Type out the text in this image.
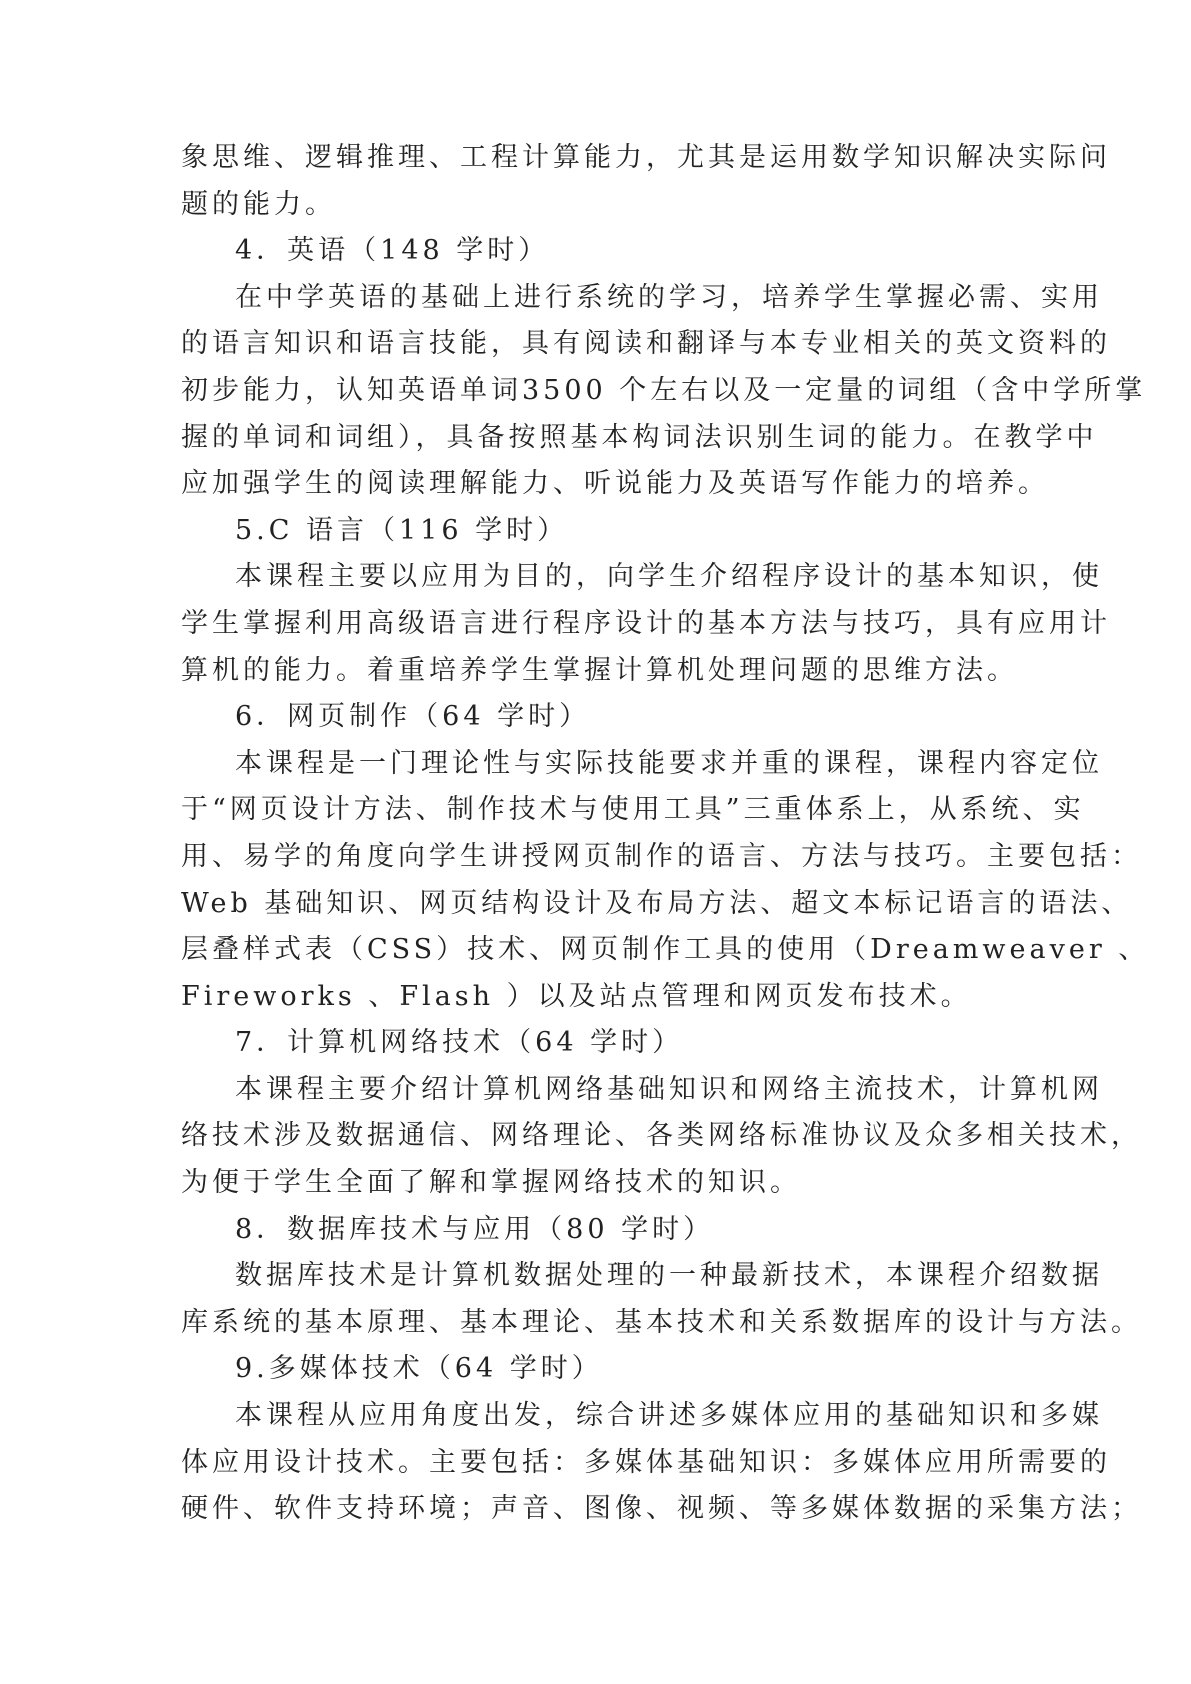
象思维、逻辑推理、工程计算能力，尤其是运用数学知识解决实际问
题的能力。
4．英语（148 学时）
在中学英语的基础上进行系统的学习，培养学生掌握必需、实用
的语言知识和语言技能，具有阅读和翻译与本专业相关的英文资料的
初步能力，认知英语单词3500 个左右以及一定量的词组（含中学所掌
握的单词和词组），具备按照基本构词法识别生词的能力。在教学中
应加强学生的阅读理解能力、听说能力及英语写作能力的培养。
5.C 语言（116 学时）
本课程主要以应用为目的，向学生介绍程序设计的基本知识，使
学生掌握利用高级语言进行程序设计的基本方法与技巧，具有应用计
算机的能力。着重培养学生掌握计算机处理问题的思维方法。
6．网页制作（64 学时）
本课程是一门理论性与实际技能要求并重的课程，课程内容定位
于“网页设计方法、制作技术与使用工具”三重体系上，从系统、实
用、易学的角度向学生讲授网页制作的语言、方法与技巧。主要包括：
Web 基础知识、网页结构设计及布局方法、超文本标记语言的语法、
层叠样式表（CSS）技术、网页制作工具的使用（Dreamweaver 、
Fireworks 、Flash ）以及站点管理和网页发布技术。
7．计算机网络技术（64 学时）
本课程主要介绍计算机网络基础知识和网络主流技术，计算机网
络技术涉及数据通信、网络理论、各类网络标准协议及众多相关技术，
为便于学生全面了解和掌握网络技术的知识。
8．数据库技术与应用（80 学时）
数据库技术是计算机数据处理的一种最新技术，本课程介绍数据
库系统的基本原理、基本理论、基本技术和关系数据库的设计与方法。
9.多媒体技术（64 学时）
本课程从应用角度出发，综合讲述多媒体应用的基础知识和多媒
体应用设计技术。主要包括：多媒体基础知识：多媒体应用所需要的
硬件、软件支持环境；声音、图像、视频、等多媒体数据的采集方法；
